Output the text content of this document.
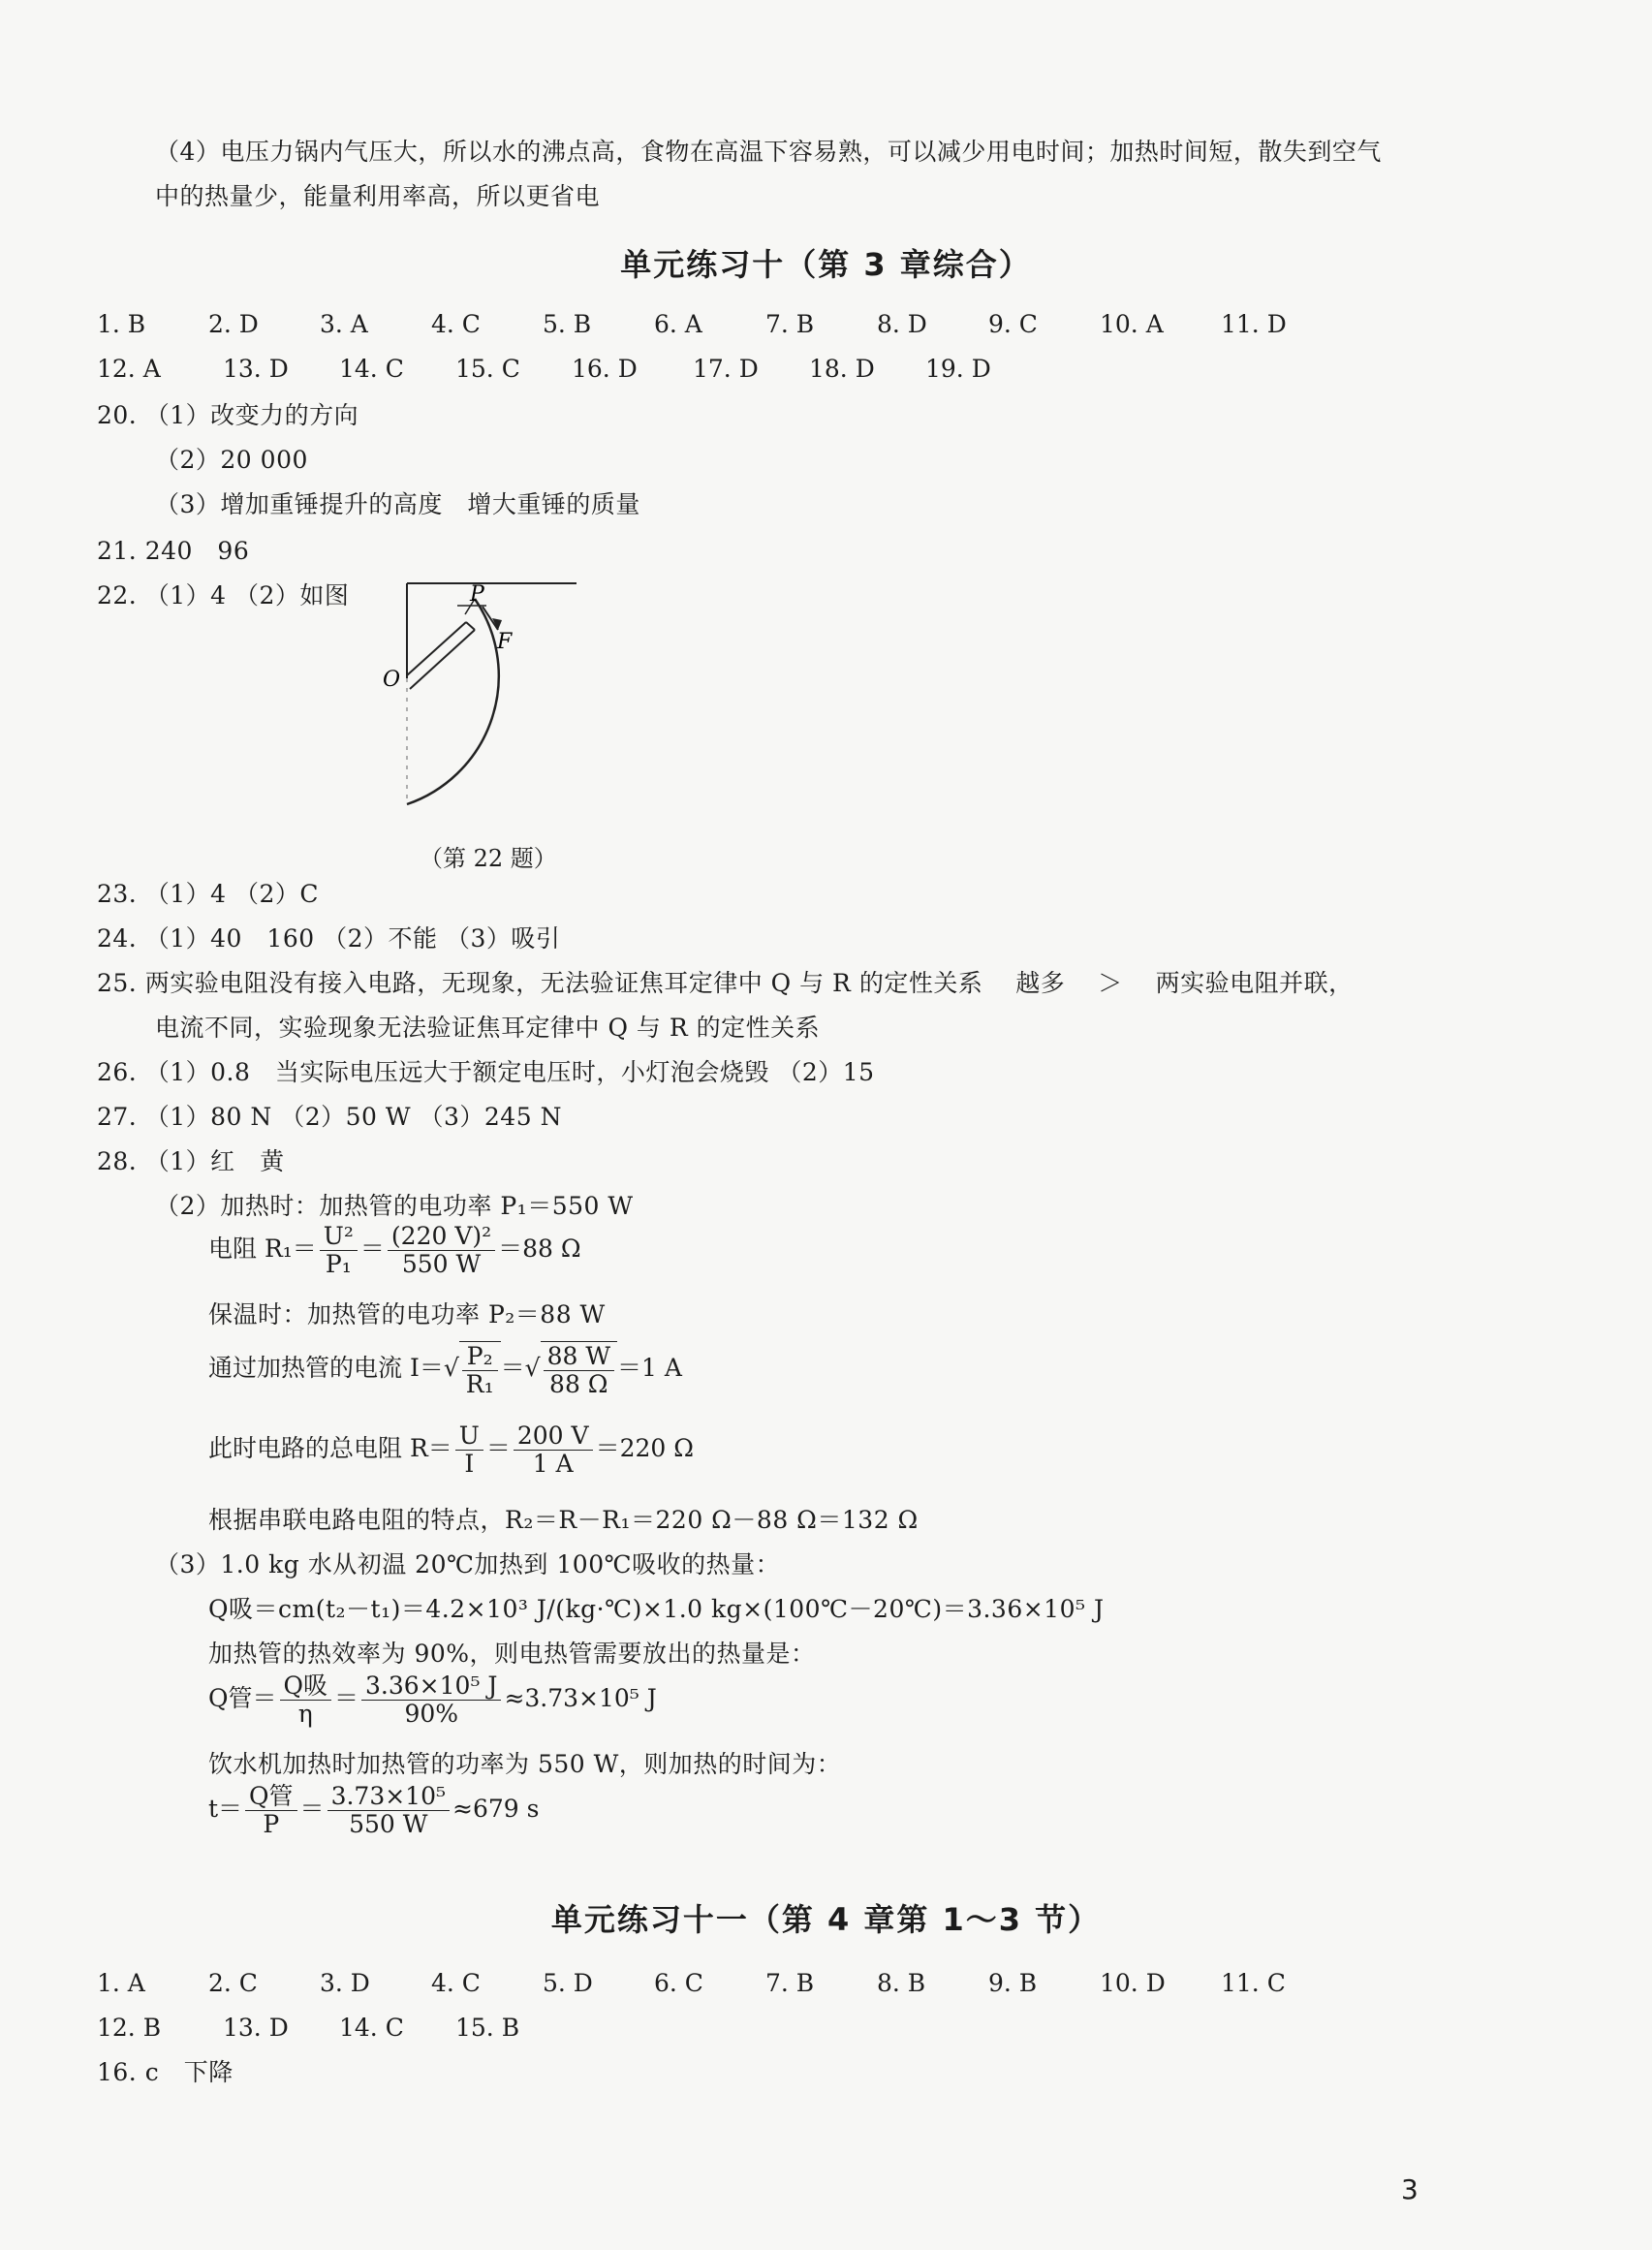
（4）电压力锅内气压大，所以水的沸点高，食物在高温下容易熟，可以减少用电时间；加热时间短，散失到空气
中的热量少，能量利用率高，所以更省电
单元练习十（第 3 章综合）
1. B	2. D	3. A	4. C	5. B	6. A	7. B	8. D	9. C	10. A 11. D
12. A	13. D 14. C 15. C 16. D 17. D 18. D 19. D
20. （1）改变力的方向
（2）20 000
（3）增加重锤提升的高度　增大重锤的质量
21. 240　96
22. （1）4 （2）如图	P
F
O
（第 22 题）
23. （1）4 （2）C
24. （1）40　160 （2）不能 （3）吸引
25. 两实验电阻没有接入电路，无现象，无法验证焦耳定律中 Q 与 R 的定性关系　 越多　 ＞　 两实验电阻并联，
电流不同，实验现象无法验证焦耳定律中 Q 与 R 的定性关系
26. （1）0.8　当实际电压远大于额定电压时，小灯泡会烧毁 （2）15
27. （1）80 N （2）50 W （3）245 N
28. （1）红　黄
（2）加热时：加热管的电功率 P₁＝550 W
电阻 $R_1= \frac{\text{U²}}{\text{P₁}} = \frac{\text{(220 V)²}}{550 W} =88$ Ω
保温时：加热管的电功率 P₂＝88 W
通过加热管的电流 $I=√ \frac{\text{P₂}}{\text{R₁}}$ ＝√ $\frac{88 W}{88 \Omega} =1$ A
此时电路的总电阻 $R= \frac{U}{I} = \frac{200 V}{1 A} =220$ Ω
根据串联电路电阻的特点，R₂＝R－R₁＝220 Ω－88 Ω＝132 Ω
（3）1.0 kg 水从初温 20℃加热到 100℃吸收的热量：
Q吸＝cm(t₂－t₁)＝4.2×10³ J/(kg·℃)×1.0 kg×(100℃－20℃)＝3.36×10⁵ J
加热管的热效率为 90%，则电热管需要放出的热量是：
Q管＝ $\frac{\text{Q吸}}{\eta} = \frac{\text{3.36×10⁵ J}}{90\%} \approx 3.73\times 10^5$ J
饮水机加热时加热管的功率为 550 W，则加热的时间为：
$t= \frac{\text{Q管}}{P} = \frac{\text{3.73×10⁵}}{550 W} \approx 679$ s
单元练习十一（第 4 章第 1～3 节）
1. A	2. C	3. D	4. C	5. D	6. C	7. B	8. B	9. B	10. D 11. C
12. B	13. D 14. C 15. B
16. c　下降
3
